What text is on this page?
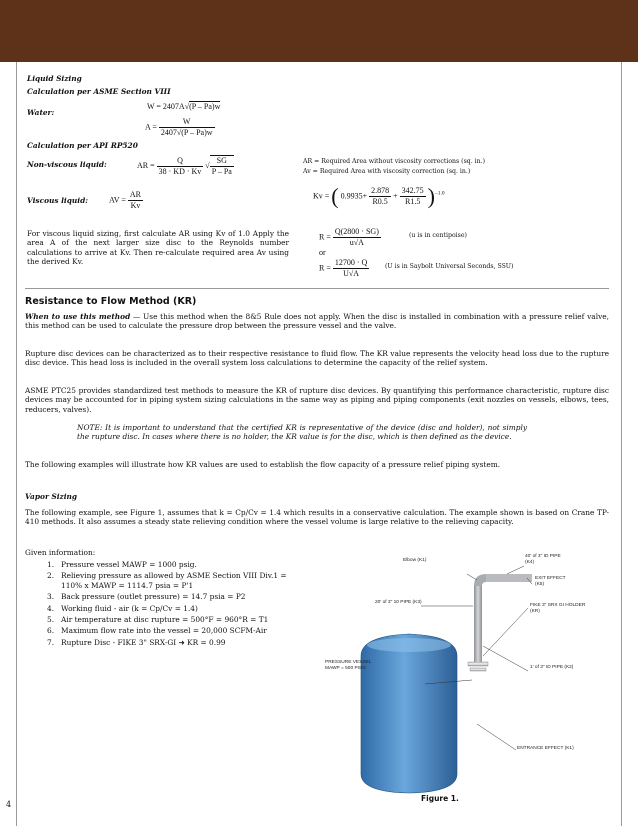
Liquid Sizing
Calculation per ASME Section VIII
Water:
W = 2407A√(P – Pa)w
$A = \frac{W}{2407√(P - Pa)w}$
Calculation per API RP520
Non-viscous liquid:	AR = $\frac{Q}{38 \cdot KD \cdot Kv}$ √ $\frac{SG}{P - Pa}$	AR = Required Area without viscosity corrections (sq. in.)
Av = Required Area with viscosity correction (sq. in.)
Viscous liquid:	AV = $\frac{AR}{Kv}$	Kv = ( $0.9935+ \frac{2.878}{R0.5} + \frac{342.75}{R1.5} )^{-1.0}$
For viscous liquid sizing, first calculate AR using Kv of 1.0 Apply the area A of the next larger size disc to the Reynolds number calculations to arrive at Kv. Then re-calculate required area Av using the derived Kv.
$R = \frac{Q(2800 \cdot SG)}{u√A}$	(u is in centipoise)
or
$R = \frac{12700 \cdot Q}{U√A}$	(U is in Saybolt Universal Seconds, SSU)
Resistance to Flow Method (KR)
When to use this method — Use this method when the 8&5 Rule does not apply. When the disc is installed in combination with a pressure relief valve, this method can be used to calculate the pressure drop between the pressure vessel and the valve.
Rupture disc devices can be characterized as to their respective resistance to fluid flow. The KR value represents the velocity head loss due to the rupture disc device. This head loss is included in the overall system loss calculations to determine the capacity of the relief system.
ASME PTC25 provides standardized test methods to measure the KR of rupture disc devices. By quantifying this performance characteristic, rupture disc devices may be accounted for in piping system sizing calculations in the same way as piping and piping components (exit nozzles on vessels, elbows, tees, reducers, valves).
NOTE: It is important to understand that the certified KR is representative of the device (disc and holder), not simply the rupture disc. In cases where there is no holder, the KR value is for the disc, which is then defined as the device.
The following examples will illustrate how KR values are used to establish the flow capacity of a pressure relief piping system.
Vapor Sizing
The following example, see Figure 1, assumes that k = Cp/Cv = 1.4 which results in a conservative calculation. The example shown is based on Crane TP-410 methods. It also assumes a steady state relieving condition where the vessel volume is large relative to the relieving capacity.
Given information:
1. Pressure vessel MAWP = 1000 psig.
2. Relieving pressure as allowed by ASME Section VIII Div.1 = 110% x MAWP = 1114.7 psia = P'1
3. Back pressure (outlet pressure) = 14.7 psia = P2
4. Working fluid - air (k = Cp/Cv = 1.4)
5. Air temperature at disc rupture = 500°F = 960°R = T1
6. Maximum flow rate into the vessel = 20,000 SCFM-Air
7. Rupture Disc - FIKE 3" SRX-GI ➜ KR = 0.99
Elbow (K1)
40' of 3" ID PIPE (K4)
EXIT EFFECT (K5)
20' of 3" 10 PIPE (K3)
FIKE 3" SRX GI HOLDER (KR)
PRESSURE VESSEL MAWP = 500 PSIG	1' of 3" ID PIPE (K2)
ENTRANCE EFFECT (K1)
Figure 1.
4
